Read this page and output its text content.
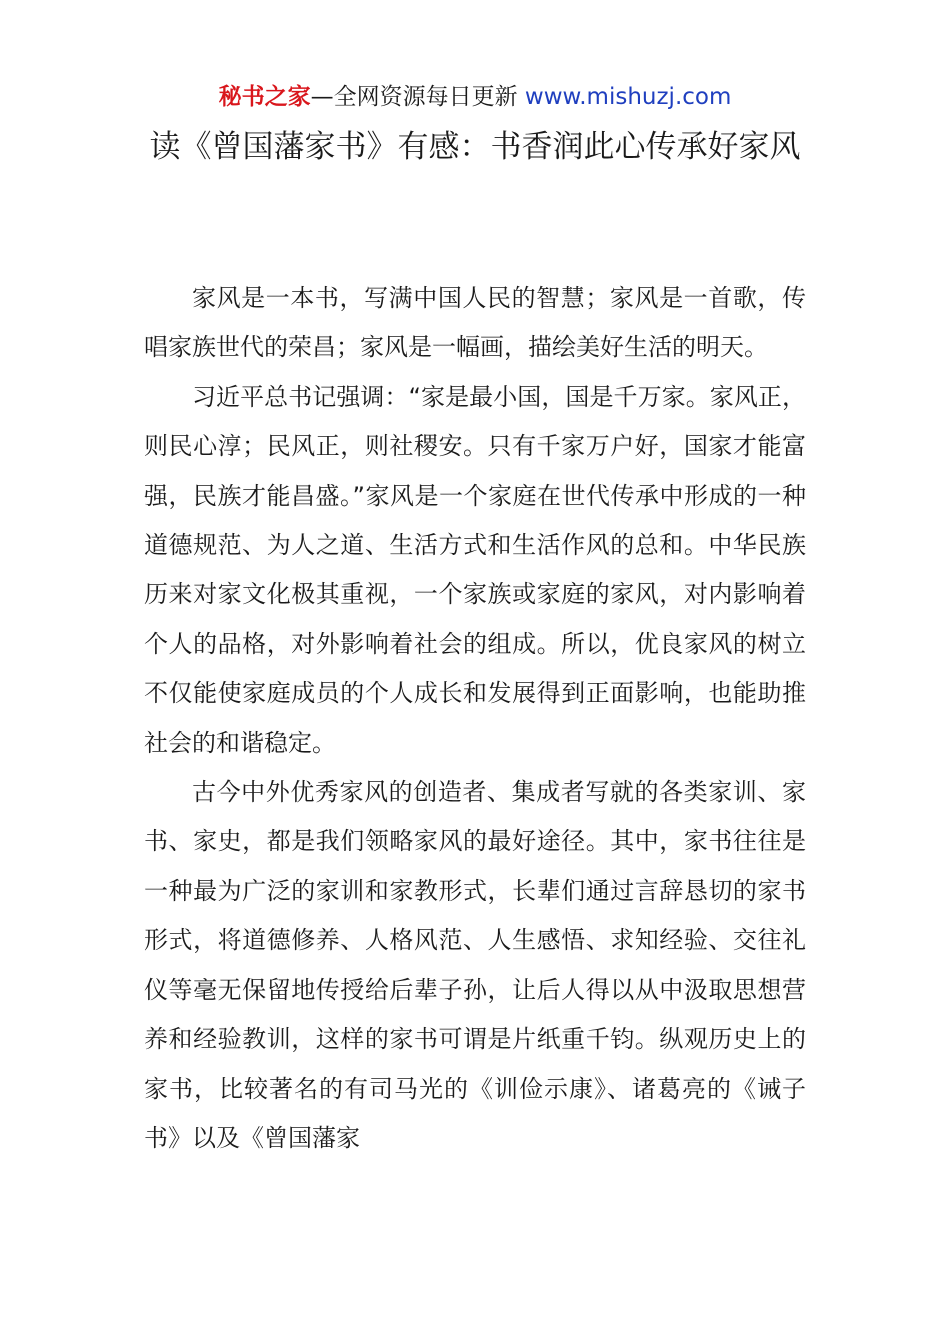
秘书之家—全网资源每日更新 www.mishuzj.com
读《曾国藩家书》有感：书香润此心传承好家风

家风是一本书，写满中国人民的智慧；家风是一首歌，传唱家族世代的荣昌；家风是一幅画，描绘美好生活的明天。

习近平总书记强调：“家是最小国，国是千万家。家风正，则民心淳；民风正，则社稷安。只有千家万户好，国家才能富强，民族才能昌盛。”家风是一个家庭在世代传承中形成的一种道德规范、为人之道、生活方式和生活作风的总和。中华民族历来对家文化极其重视，一个家族或家庭的家风，对内影响着个人的品格，对外影响着社会的组成。所以，优良家风的树立不仅能使家庭成员的个人成长和发展得到正面影响，也能助推社会的和谐稳定。

古今中外优秀家风的创造者、集成者写就的各类家训、家书、家史，都是我们领略家风的最好途径。其中，家书往往是一种最为广泛的家训和家教形式，长辈们通过言辞恳切的家书形式，将道德修养、人格风范、人生感悟、求知经验、交往礼仪等毫无保留地传授给后辈子孙，让后人得以从中汲取思想营养和经验教训，这样的家书可谓是片纸重千钧。纵观历史上的家书，比较著名的有司马光的《训俭示康》、诸葛亮的《诫子书》以及《曾国藩家
